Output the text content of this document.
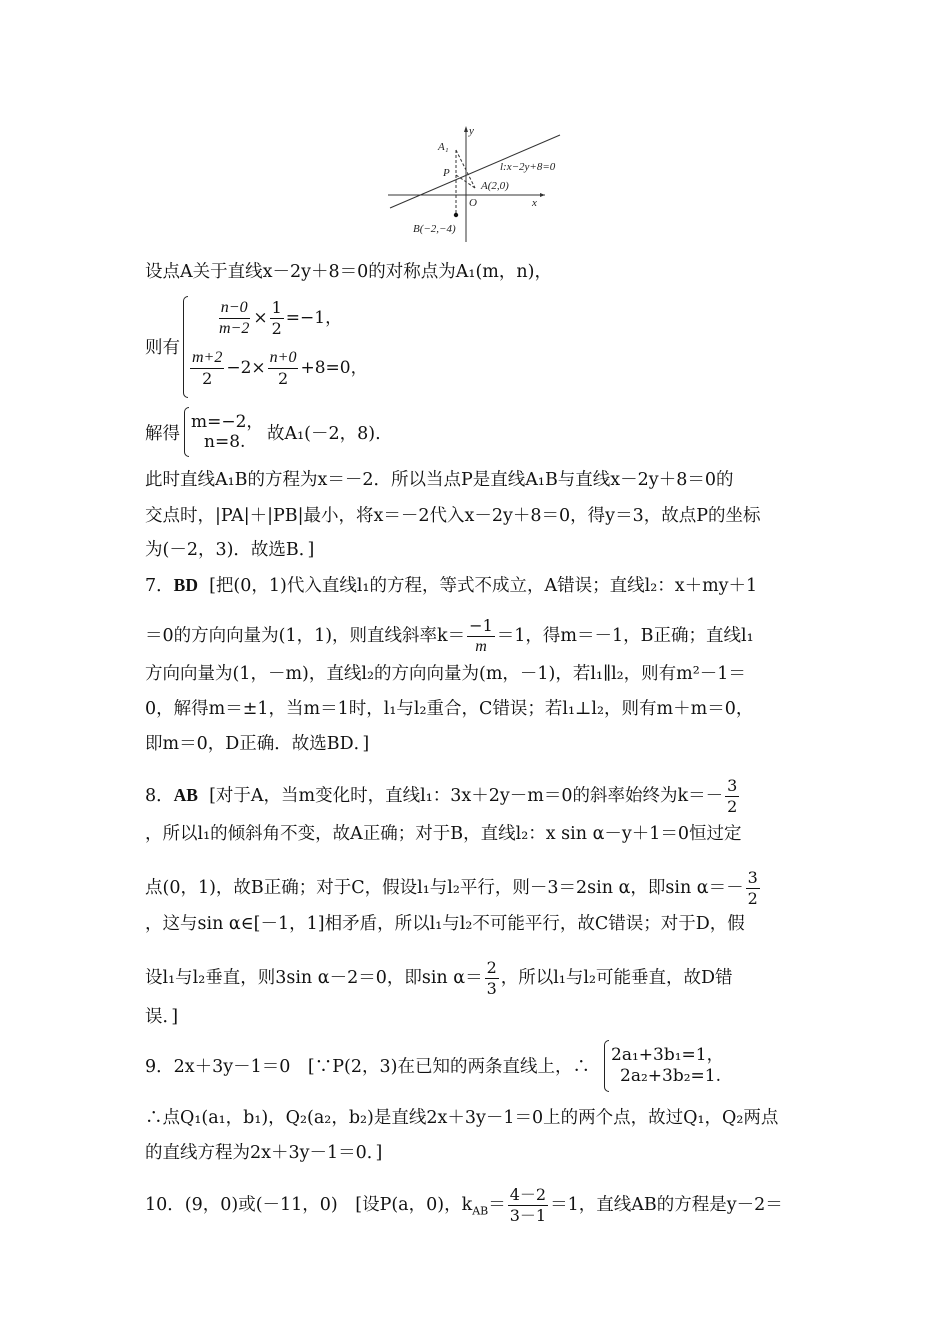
y
x
A₁
P	l:x−2y+8=0
A(2,0)
O
B(−2,−4)
设点A关于直线x－2y＋8＝0的对称点为A₁(m，n)，
则有
$\frac{n-0}{m-2} \times \frac{1}{2} =-1$，
$\frac{m+2}{2} -2\times \frac{n+0}{2} +8=0$，
解得
m=−2，
n=8. 故A₁(－2，8).
此时直线A₁B的方程为x＝－2．所以当点P是直线A₁B与直线x－2y＋8＝0的
交点时，|PA|＋|PB|最小，将x＝－2代入x－2y＋8＝0，得y＝3，故点P的坐标
为(－2，3)．故选B．]
7．BD [把(0，1)代入直线l₁的方程，等式不成立，A错误；直线l₂：x＋my＋1
＝0的方向向量为(1，1)，则直线斜率$k= \frac{-1}{m} =1$，得m＝－1，B正确；直线l₁
方向向量为(1，－m)，直线l₂的方向向量为(m，－1)，若l₁∥l₂，则有m²－1＝
0，解得m＝±1，当m＝1时，l₁与l₂重合，C错误；若l₁⊥l₂，则有m＋m＝0，
即m＝0，D正确．故选BD．]
8．AB [对于A，当m变化时，直线l₁：3x＋2y－m＝0的斜率始终为$k=- \frac{3}{2}$
，所以l₁的倾斜角不变，故A正确；对于B，直线l₂：x sin α－y＋1＝0恒过定
点(0，1)，故B正确；对于C，假设l₁与l₂平行，则－3＝2sin α，即$\sin \alpha=- \frac{3}{2}$
，这与sin α∈[－1，1]相矛盾，所以l₁与l₂不可能平行，故C错误；对于D，假
设l₁与l₂垂直，则3sin α－2＝0，即$\sin \alpha= \frac{2}{3}$ ，所以l₁与l₂可能垂直，故D错
误．]
9．2x＋3y－1＝0　[∵P(2，3)在已知的两条直线上，∴
2a₁+3b₁=1，
2a₂+3b₂=1.
∴点Q₁(a₁，b₁)，Q₂(a₂，b₂)是直线2x＋3y－1＝0上的两个点，故过Q₁，Q₂两点
的直线方程为2x＋3y－1＝0．]
10．(9，0)或(－11，0)　[设P(a，0)，$k_{AB}= \frac{4-2}{3-1} =1$，直线AB的方程是y－2＝
